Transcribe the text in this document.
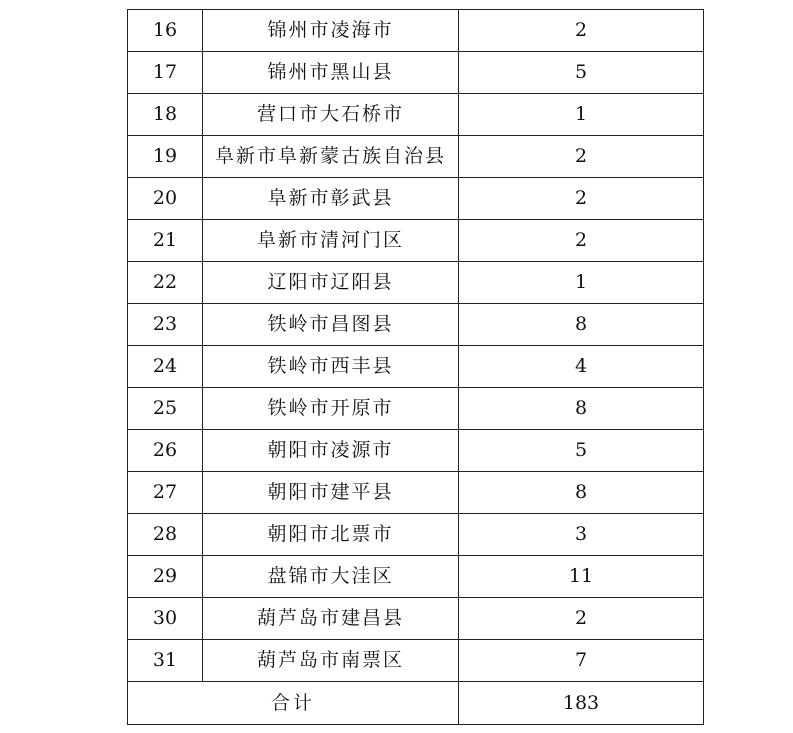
16	锦州市凌海市	2
17	锦州市黑山县	5
18	营口市大石桥市	1
19	阜新市阜新蒙古族自治县	2
20	阜新市彰武县	2
21	阜新市清河门区	2
22	辽阳市辽阳县	1
23	铁岭市昌图县	8
24	铁岭市西丰县	4
25	铁岭市开原市	8
26	朝阳市凌源市	5
27	朝阳市建平县	8
28	朝阳市北票市	3
29	盘锦市大洼区	11
30	葫芦岛市建昌县	2
31	葫芦岛市南票区	7
合计		183
